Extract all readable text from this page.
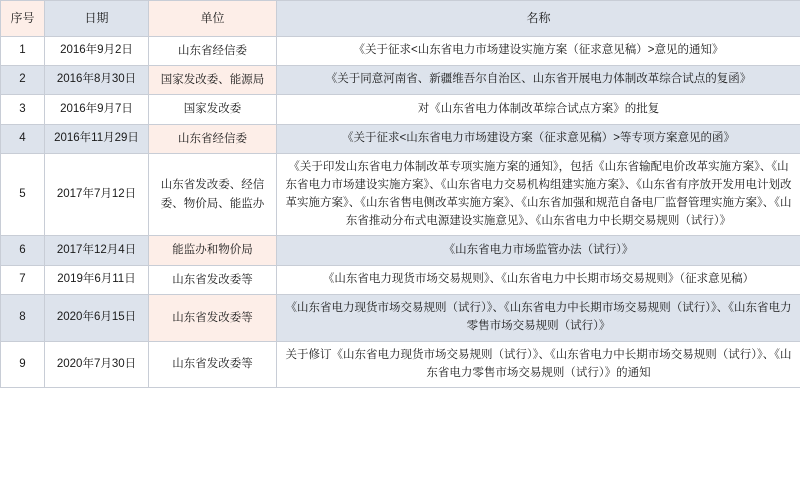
序号	日期	单位	名称
1	2016年9月2日	山东省经信委	《关于征求<山东省电力市场建设实施方案（征求意见稿）>意见的通知》
2	2016年8月30日	国家发改委、能源局	《关于同意河南省、新疆维吾尔自治区、山东省开展电力体制改革综合试点的复函》
3	2016年9月7日	国家发改委	对《山东省电力体制改革综合试点方案》的批复
4	2016年11月29日	山东省经信委	《关于征求<山东省电力市场建设方案（征求意见稿）>等专项方案意见的函》
5	2017年7月12日	山东省发改委、经信委、物价局、能监办	《关于印发山东省电力体制改革专项实施方案的通知》，包括《山东省输配电价改革实施方案》、《山东省电力市场建设实施方案》、《山东省电力交易机构组建实施方案》、《山东省有序放开发用电计划改革实施方案》、《山东省售电侧改革实施方案》、《山东省加强和规范自备电厂监督管理实施方案》、《山东省推动分布式电源建设实施意见》、《山东省电力中长期交易规则（试行）》
6	2017年12月4日	能监办和物价局	《山东省电力市场监管办法（试行）》
7	2019年6月11日	山东省发改委等	《山东省电力现货市场交易规则》、《山东省电力中长期市场交易规则》（征求意见稿）
8	2020年6月15日	山东省发改委等	《山东省电力现货市场交易规则（试行）》、《山东省电力中长期市场交易规则（试行）》、《山东省电力零售市场交易规则（试行）》
9	2020年7月30日	山东省发改委等	关于修订《山东省电力现货市场交易规则（试行）》、《山东省电力中长期市场交易规则（试行）》、《山东省电力零售市场交易规则（试行）》的通知
